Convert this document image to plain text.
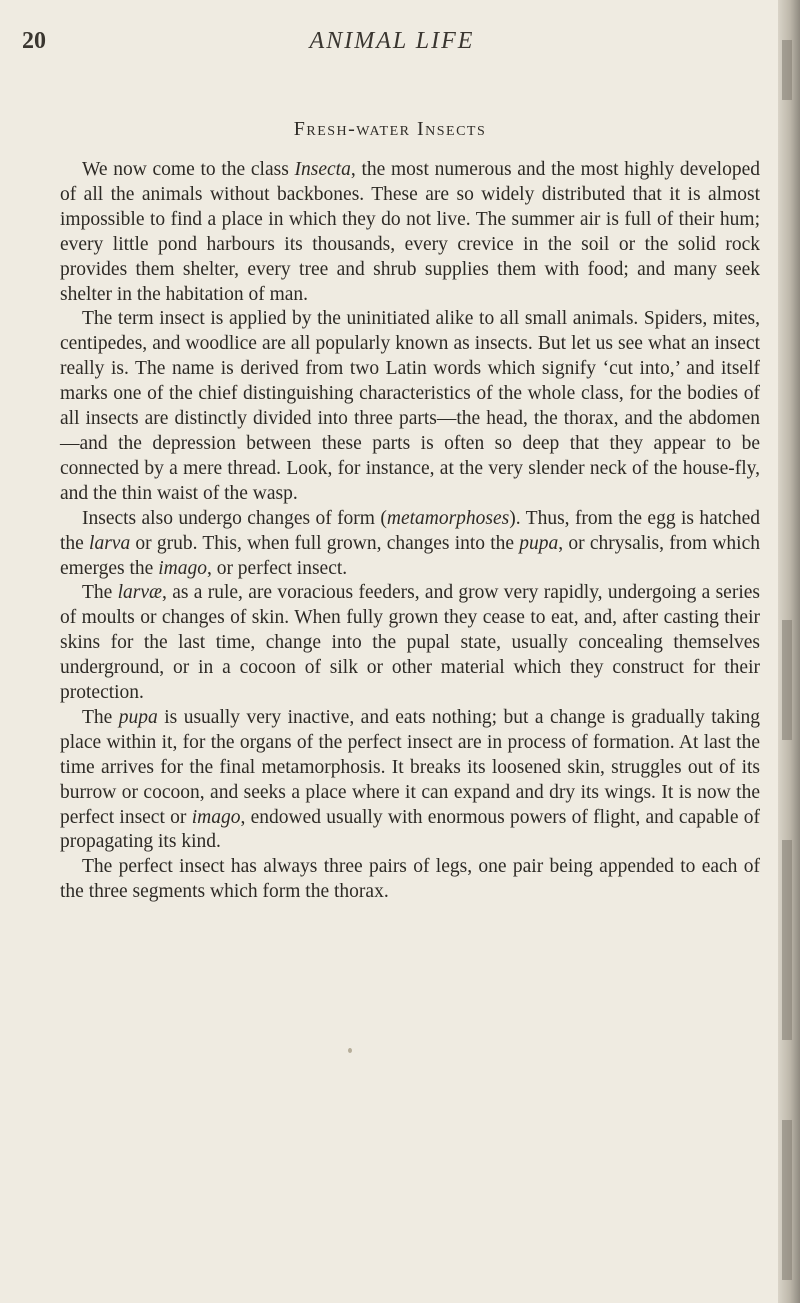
20	ANIMAL LIFE
Fresh-water Insects

We now come to the class Insecta, the most numerous and the most highly developed of all the animals without backbones. These are so widely distributed that it is almost impossible to find a place in which they do not live. The summer air is full of their hum; every little pond harbours its thousands, every crevice in the soil or the solid rock provides them shelter, every tree and shrub supplies them with food; and many seek shelter in the habitation of man.

The term insect is applied by the uninitiated alike to all small animals. Spiders, mites, centipedes, and woodlice are all popularly known as insects. But let us see what an insect really is. The name is derived from two Latin words which signify ‘cut into,’ and itself marks one of the chief distinguishing characteristics of the whole class, for the bodies of all insects are distinctly divided into three parts—the head, the thorax, and the abdomen—and the depression between these parts is often so deep that they appear to be connected by a mere thread. Look, for instance, at the very slender neck of the house-fly, and the thin waist of the wasp.

Insects also undergo changes of form (metamorphoses). Thus, from the egg is hatched the larva or grub. This, when full grown, changes into the pupa, or chrysalis, from which emerges the imago, or perfect insect.

The larvæ, as a rule, are voracious feeders, and grow very rapidly, undergoing a series of moults or changes of skin. When fully grown they cease to eat, and, after casting their skins for the last time, change into the pupal state, usually concealing themselves underground, or in a cocoon of silk or other material which they construct for their protection.

The pupa is usually very inactive, and eats nothing; but a change is gradually taking place within it, for the organs of the perfect insect are in process of formation. At last the time arrives for the final metamorphosis. It breaks its loosened skin, struggles out of its burrow or cocoon, and seeks a place where it can expand and dry its wings. It is now the perfect insect or imago, endowed usually with enormous powers of flight, and capable of propagating its kind.

The perfect insect has always three pairs of legs, one pair being appended to each of the three segments which form the thorax.
